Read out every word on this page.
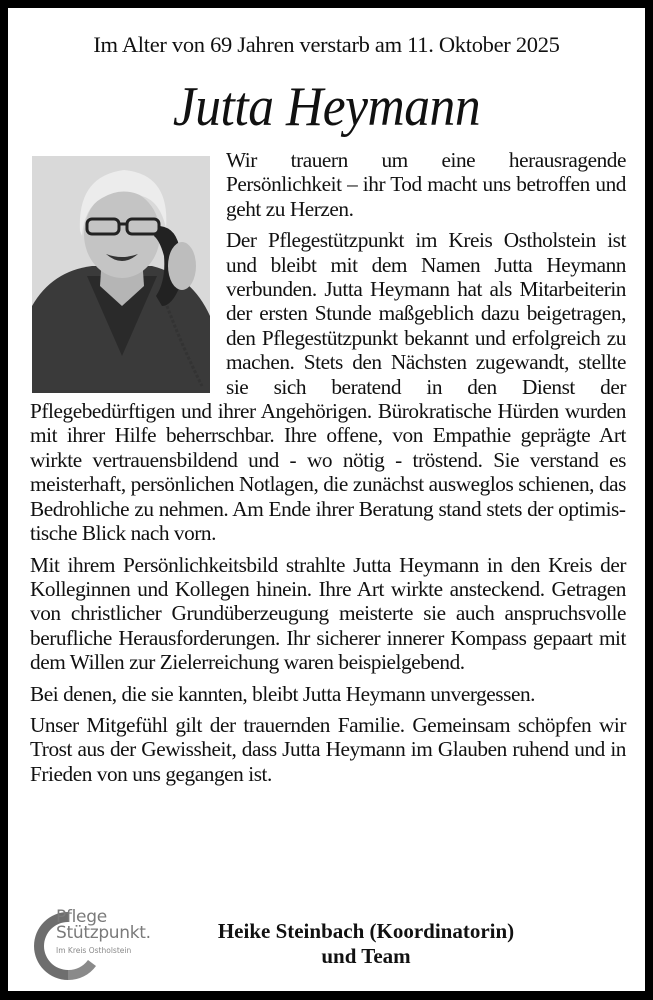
Im Alter von 69 Jahren verstarb am 11. Oktober 2025
Jutta Heymann

Wir trauern um eine herausragende Persönlichkeit – ihr Tod macht uns betroffen und geht zu Herzen.

Der Pflegestützpunkt im Kreis Ostholstein ist und bleibt mit dem Namen Jutta Heymann verbunden. Jutta Heymann hat als Mitarbeiterin der ersten Stunde maßgeblich dazu beigetragen, den Pflegestützpunkt bekannt und erfolgreich zu machen. Stets den Nächsten zugewandt, stellte sie sich beratend in den Dienst der Pflegebedürftigen und ihrer Angehörigen. Bürokratische Hürden wurden mit ihrer Hilfe beherrschbar. Ihre offene, von Empathie geprägte Art wirkte vertrauensbildend und - wo nötig - tröstend. Sie verstand es meisterhaft, persönlichen Notlagen, die zunächst ausweglos schienen, das Bedrohliche zu nehmen. Am Ende ihrer Beratung stand stets der optimistische Blick nach vorn.

Mit ihrem Persönlichkeitsbild strahlte Jutta Heymann in den Kreis der Kolleginnen und Kollegen hinein. Ihre Art wirkte ansteckend. Getragen von christlicher Grundüberzeugung meisterte sie auch anspruchsvolle berufliche Herausforderungen. Ihr sicherer innerer Kompass gepaart mit dem Willen zur Zielerreichung waren beispielgebend.

Bei denen, die sie kannten, bleibt Jutta Heymann unvergessen.

Unser Mitgefühl gilt der trauernden Familie. Gemeinsam schöpfen wir Trost aus der Gewissheit, dass Jutta Heymann im Glauben ruhend und in Frieden von uns gegangen ist.

Pflege
Stützpunkt.
Im Kreis Ostholstein
Heike Steinbach (Koordinatorin)
und Team
